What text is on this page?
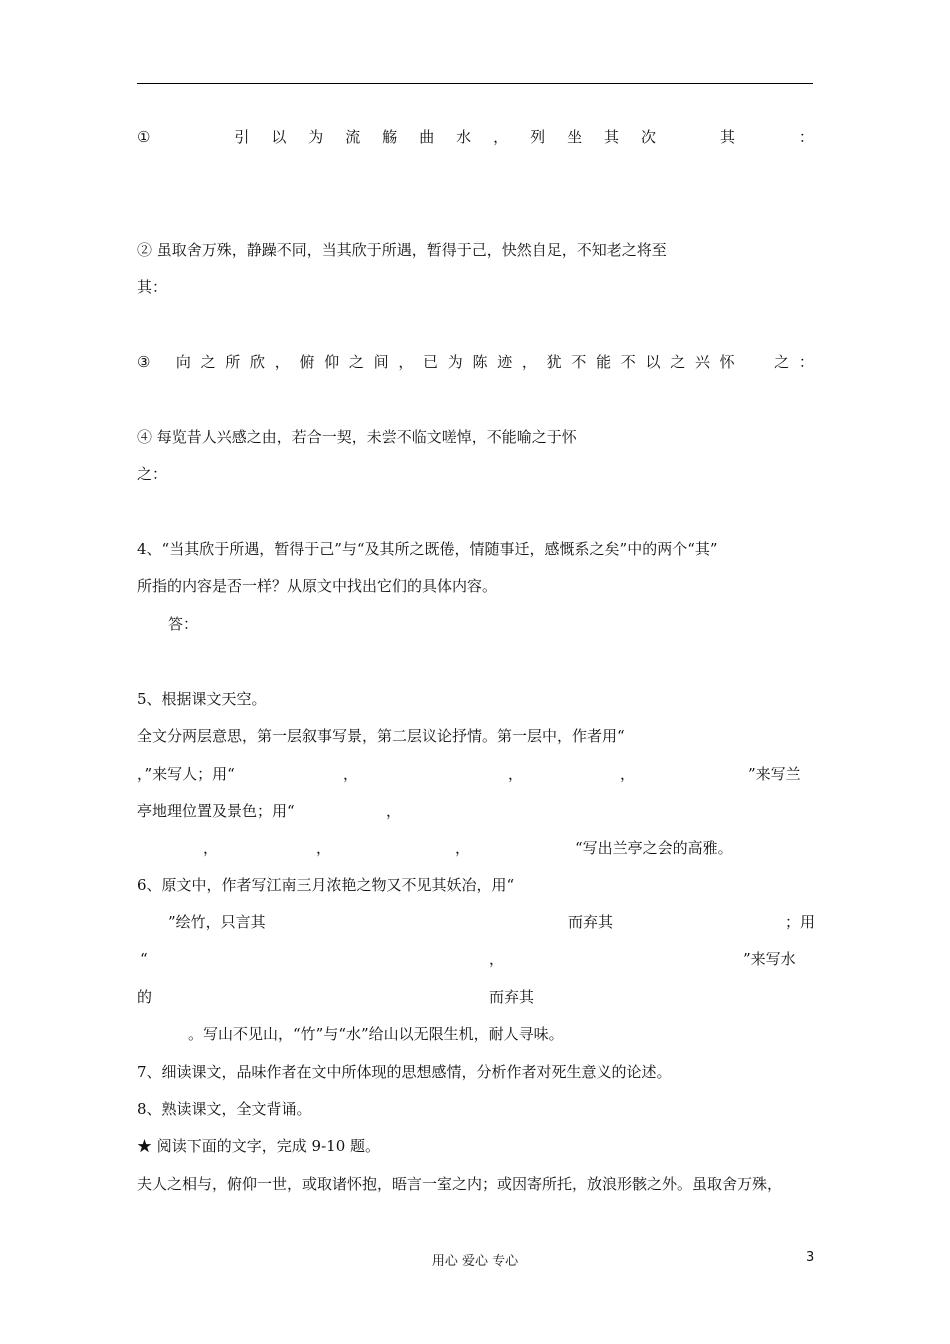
①	引 以 为 流 觞 曲 水 ， 列 坐 其 次	其	：
② 虽取舍万殊，静躁不同，当其欣于所遇，暂得于己，快然自足，不知老之将至
其：
③ 向 之 所 欣 ， 俯 仰 之 间 ， 已 为 陈 迹 ， 犹 不 能 不 以 之 兴 怀	之 ：
④ 每览昔人兴感之由，若合一契，未尝不临文嗟悼，不能喻之于怀
之：
4、“当其欣于所遇，暂得于己”与“及其所之既倦，情随事迁，感慨系之矣”中的两个“其”
所指的内容是否一样？从原文中找出它们的具体内容。
答：
5、根据课文天空。
全文分两层意思，第一层叙事写景，第二层议论抒情。第一层中，作者用“
，”来写人；用“	，	，	，	”来写兰
亭地理位置及景色；用“	，
，	，	，	“写出兰亭之会的高雅。
6、原文中，作者写江南三月浓艳之物又不见其妖冶，用“
”绘竹，只言其	而弃其	；用
“	，	”来写水
的	而弃其
。写山不见山，“竹”与“水”给山以无限生机，耐人寻味。
7、细读课文，品味作者在文中所体现的思想感情，分析作者对死生意义的论述。
8、熟读课文，全文背诵。
★ 阅读下面的文字，完成 9-10 题。
夫人之相与，俯仰一世，或取诸怀抱，晤言一室之内；或因寄所托，放浪形骸之外。虽取舍万殊，
用心 爱心 专心	3
